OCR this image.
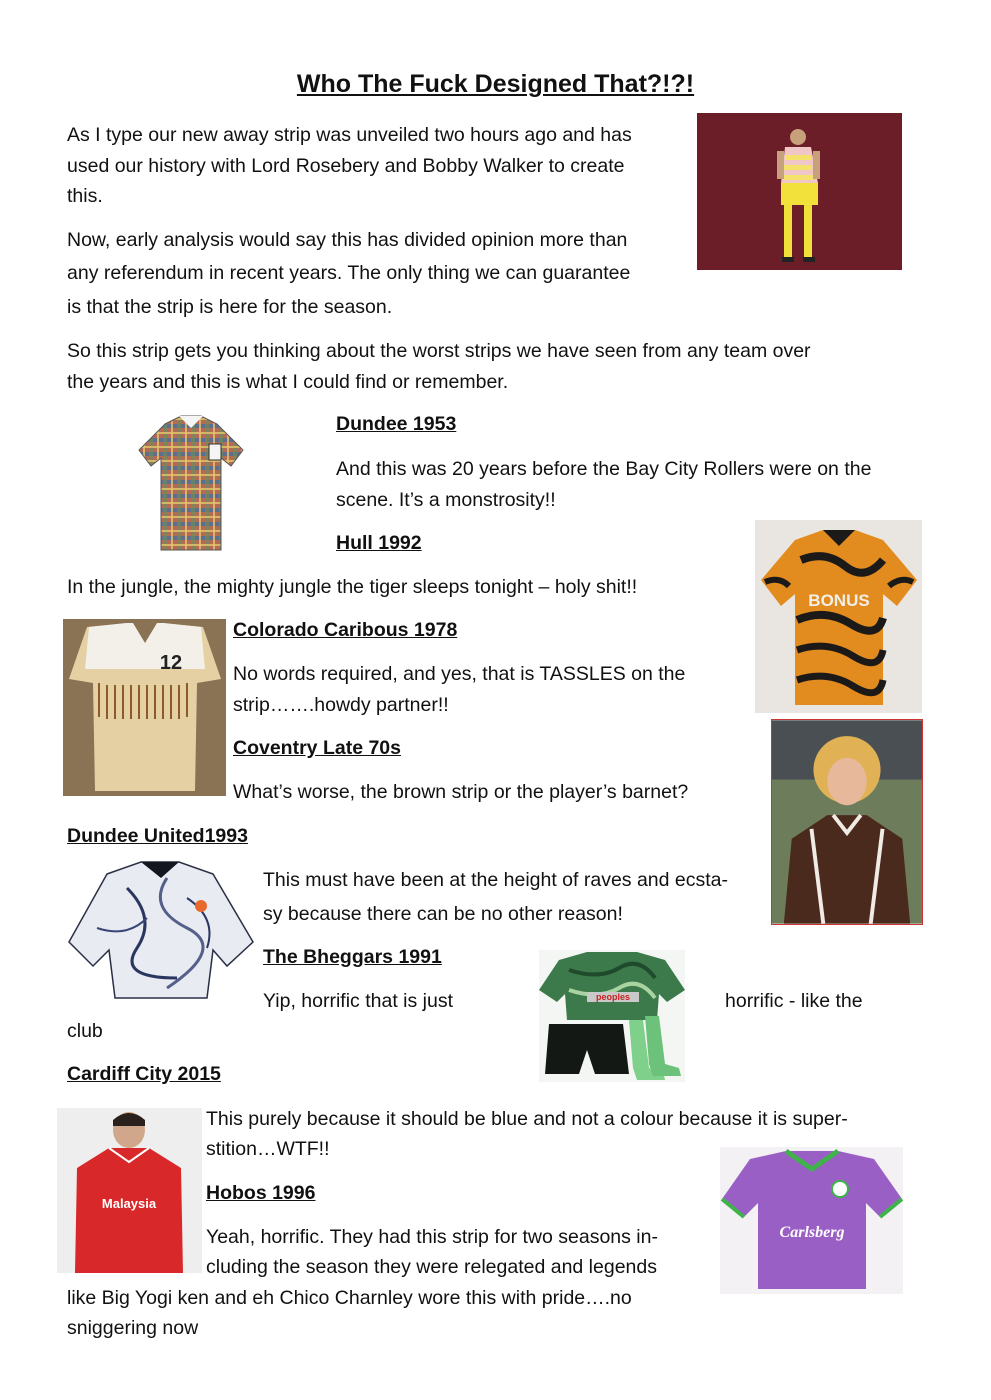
Who The Fuck Designed That?!?!

As I type our new away strip was unveiled two hours ago and has

used our history with Lord Rosebery and Bobby Walker to create

this.

Now, early analysis would say this has divided opinion more than

any referendum in recent years. The only thing we can guarantee

is that the strip is here for the season.

So this strip gets you thinking about the worst strips we have seen from any team over

the years and this is what I could find or remember.

Dundee 1953

And this was 20 years before the Bay City Rollers were on the

scene. It’s a monstrosity!!

Hull 1992

In the jungle, the mighty jungle the tiger sleeps tonight – holy shit!!

BONUS
12

Colorado Caribous 1978

No words required, and yes, that is TASSLES on the

strip…….howdy partner!!

Coventry Late 70s

What’s worse, the brown strip or the player’s barnet?

Dundee United1993

This must have been at the height of raves and ecsta-

sy because there can be no other reason!

The Bheggars 1991

Yip, horrific that is just	horrific - like the

club

peoples

Cardiff City 2015

Malaysia

This purely because it should be blue and not a colour because it is super-

stition…WTF!!

Hobos 1996

Yeah, horrific. They had this strip for two seasons in-

cluding the season they were relegated and legends

like Big Yogi ken and eh Chico Charnley wore this with pride….no

sniggering now

Carlsberg
